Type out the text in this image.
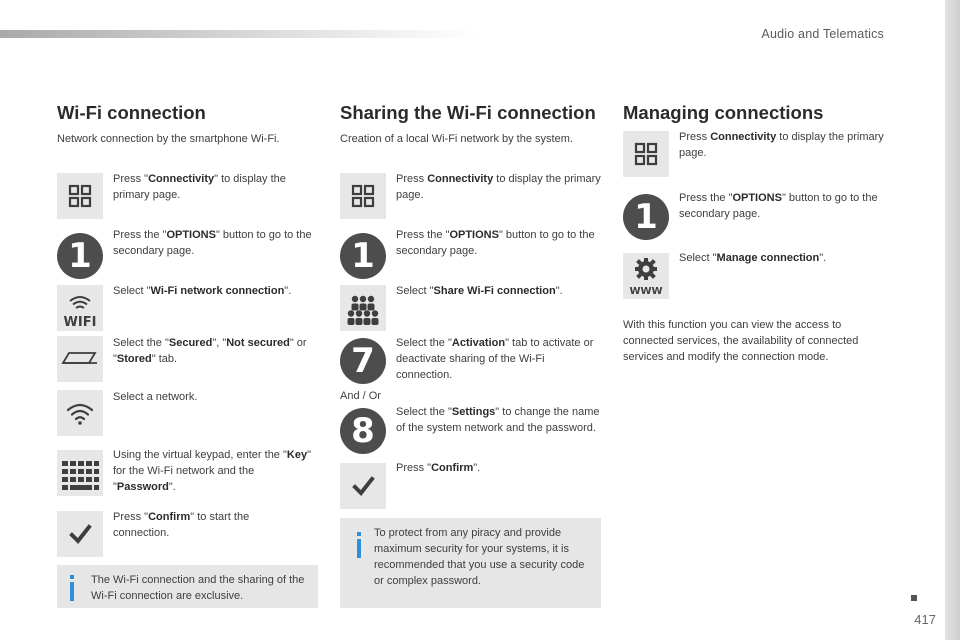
Audio and Telematics
Wi-Fi connection
Network connection by the smartphone Wi-Fi.
Press "Connectivity" to display the primary page.
1
Press the "OPTIONS" button to go to the secondary page.
WIFI
Select "Wi-Fi network connection".
Select the "Secured", "Not secured" or "Stored" tab.
Select a network.
Using the virtual keypad, enter the "Key" for the Wi-Fi network and the "Password".
Press "Confirm" to start the connection.
The Wi-Fi connection and the sharing of the Wi-Fi connection are exclusive.
Sharing the Wi-Fi connection
Creation of a local Wi-Fi network by the system.
Press Connectivity to display the primary page.
1
Press the "OPTIONS" button to go to the secondary page.
Select "Share Wi-Fi connection".
7	Select the "Activation" tab to activate or deactivate sharing of the Wi-Fi connection.
And / Or
8	Select the "Settings" to change the name of the system network and the password.
Press "Confirm".
To protect from any piracy and provide maximum security for your systems, it is recommended that you use a security code or complex password.
Managing connections
Press Connectivity to display the primary page.
1	Press the "OPTIONS" button to go to the secondary page.
WWW
Select "Manage connection".
With this function you can view the access to connected services, the availability of connected services and modify the connection mode.
417
